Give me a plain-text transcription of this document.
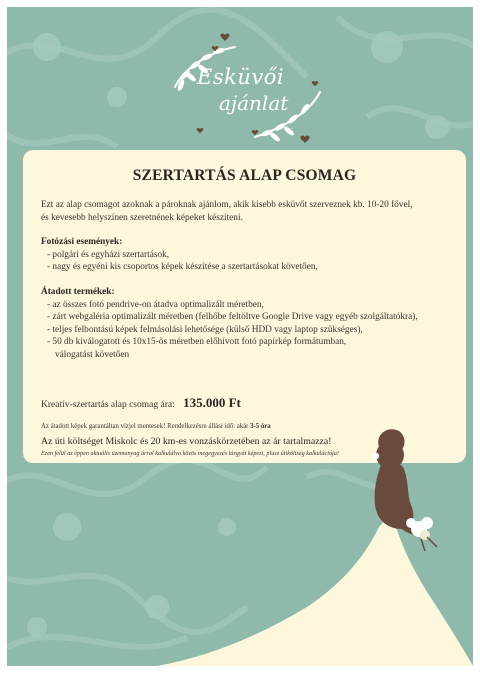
Esküvői
ajánlat
SZERTARTÁS ALAP CSOMAG

Ezt az alap csomagot azoknak a pároknak ajánlom, akik kisebb esküvőt szerveznek kb. 10-20 fővel,

és kevesebb helyszínen szeretnének képeket készíteni.

Fotózási események:

- polgári és egyházi szertartások,

- nagy és egyéni kis csoportos képek készítése a szertartásokat követően,

Átadott termékek:

- az összes fotó pendrive-on átadva optimalizált méretben,

- zárt webgaléria optimalizált méretben (felhőbe feltöltve Google Drive vagy egyéb szolgáltatókra),

- teljes felbontású képek felmásolási lehetősége (külső HDD vagy laptop szükséges),

- 50 db kiválogatott és 10x15-ös méretben előhívott fotó papírkép formátumban,

válogatást követően

Kreatív-szertartás alap csomag ára: 135.000 Ft
Az átadott képek garantáltan vízjel mentesek! Rendelkezésre állási idő: akár 3-5 óra
Az úti költséget Miskolc és 20 km-es vonzáskörzetében az ár tartalmazza!
Ezen felül az éppen aktuális üzemanyag árral kalkulálva közös megegyezés tárgyát képezi, plusz útiköltség kalkulációja!
